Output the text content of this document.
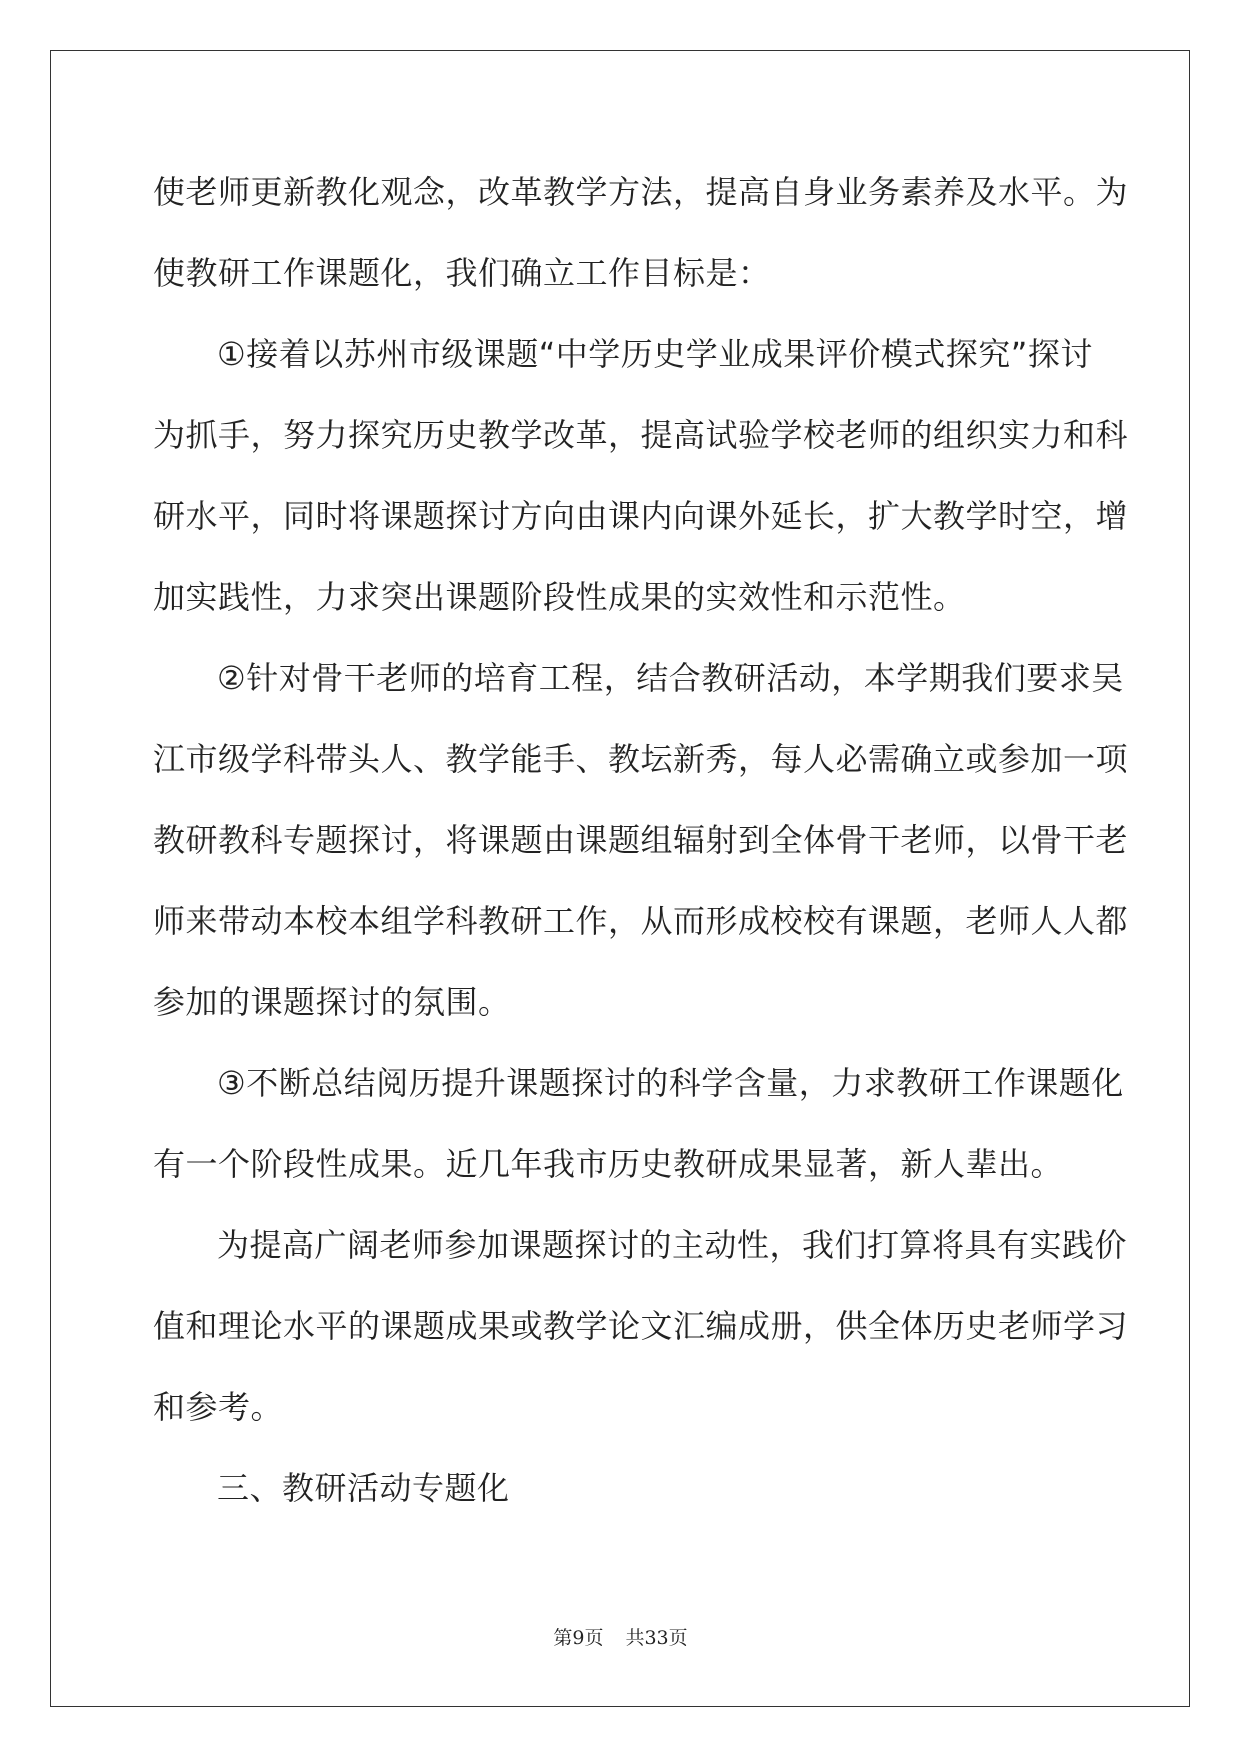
使老师更新教化观念，改革教学方法，提高自身业务素养及水平。为
使教研工作课题化，我们确立工作目标是：
①接着以苏州市级课题“中学历史学业成果评价模式探究”探讨
为抓手，努力探究历史教学改革，提高试验学校老师的组织实力和科
研水平，同时将课题探讨方向由课内向课外延长，扩大教学时空，增
加实践性，力求突出课题阶段性成果的实效性和示范性。
②针对骨干老师的培育工程，结合教研活动，本学期我们要求吴
江市级学科带头人、教学能手、教坛新秀，每人必需确立或参加一项
教研教科专题探讨，将课题由课题组辐射到全体骨干老师，以骨干老
师来带动本校本组学科教研工作，从而形成校校有课题，老师人人都
参加的课题探讨的氛围。
③不断总结阅历提升课题探讨的科学含量，力求教研工作课题化
有一个阶段性成果。近几年我市历史教研成果显著，新人辈出。
为提高广阔老师参加课题探讨的主动性，我们打算将具有实践价
值和理论水平的课题成果或教学论文汇编成册，供全体历史老师学习
和参考。
三、教研活动专题化
第9页 共33页
